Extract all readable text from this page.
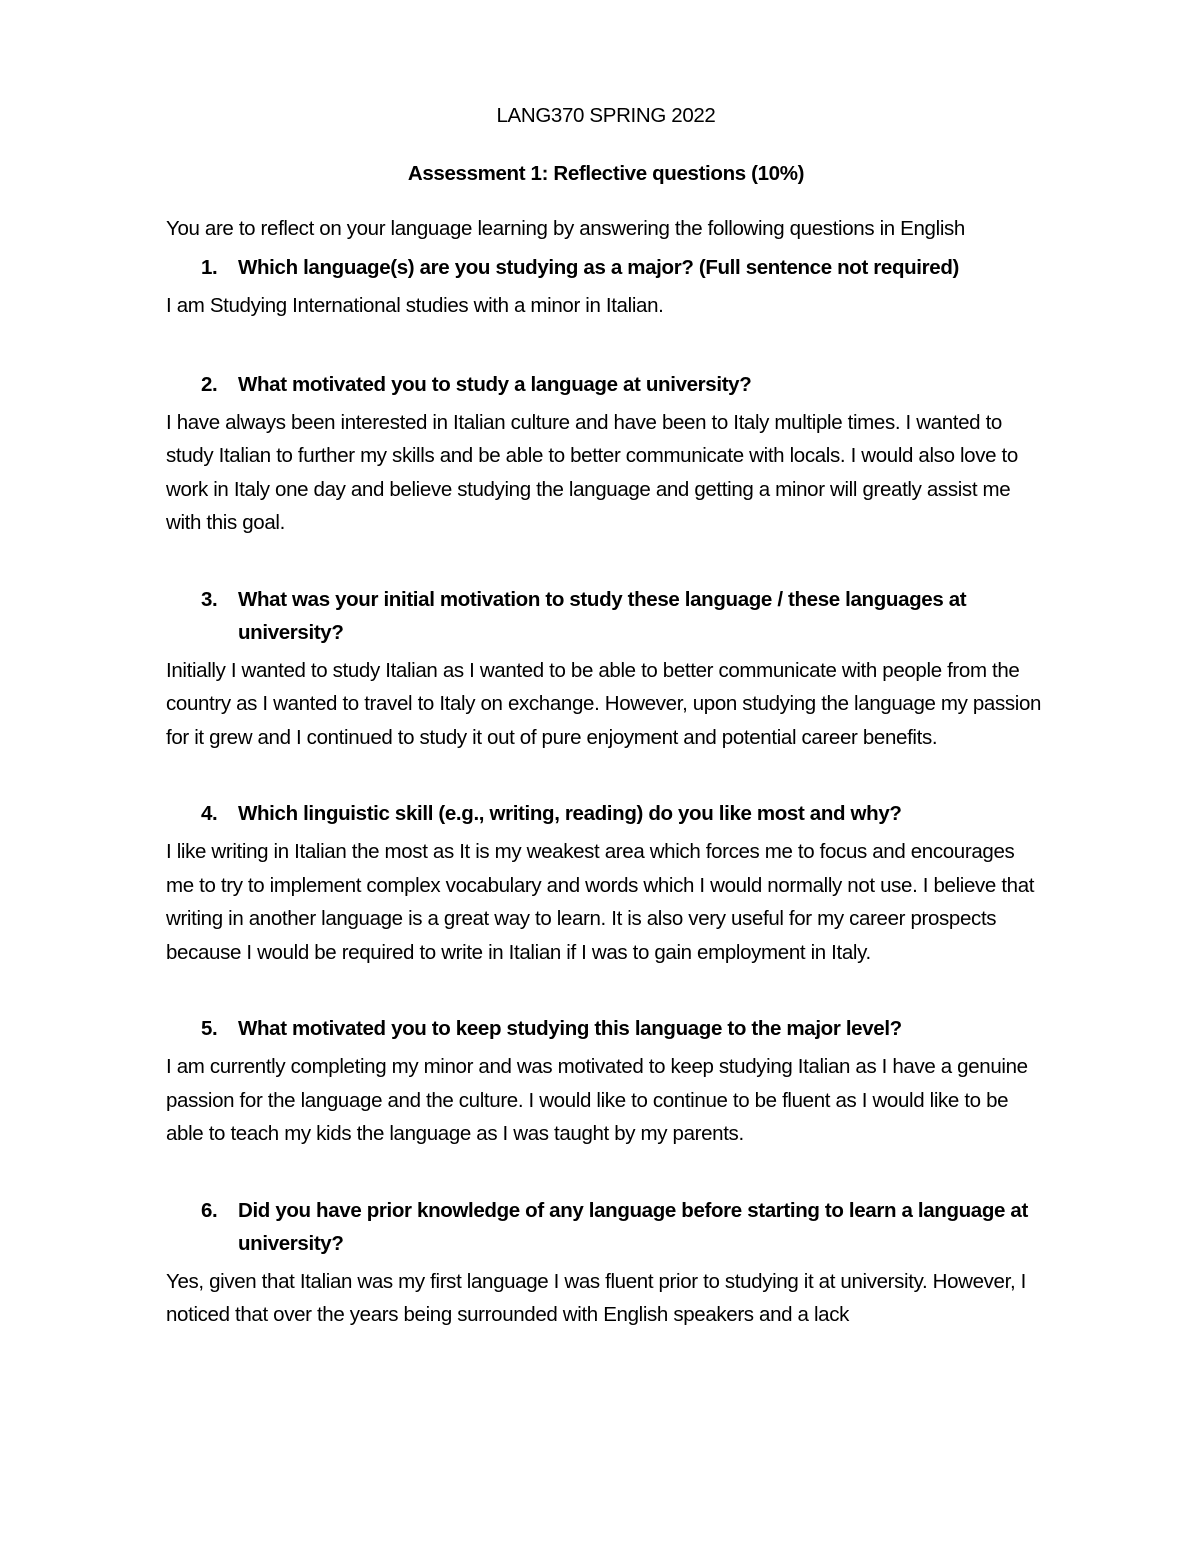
LANG370 SPRING 2022

Assessment 1: Reflective questions (10%)

You are to reflect on your language learning by answering the following questions in English

1.	Which language(s) are you studying as a major? (Full sentence not required)

I am Studying International studies with a minor in Italian.

2.	What motivated you to study a language at university?

I have always been interested in Italian culture and have been to Italy multiple times. I wanted to study Italian to further my skills and be able to better communicate with locals. I would also love to work in Italy one day and believe studying the language and getting a minor will greatly assist me with this goal.

3.	What was your initial motivation to study these language / these languages at university?

Initially I wanted to study Italian as I wanted to be able to better communicate with people from the country as I wanted to travel to Italy on exchange. However, upon studying the language my passion for it grew and I continued to study it out of pure enjoyment and potential career benefits.

4.	Which linguistic skill (e.g., writing, reading) do you like most and why?

I like writing in Italian the most as It is my weakest area which forces me to focus and encourages me to try to implement complex vocabulary and words which I would normally not use. I believe that writing in another language is a great way to learn. It is also very useful for my career prospects because I would be required to write in Italian if I was to gain employment in Italy.

5.	What motivated you to keep studying this language to the major level?

I am currently completing my minor and was motivated to keep studying Italian as I have a genuine passion for the language and the culture. I would like to continue to be fluent as I would like to be able to teach my kids the language as I was taught by my parents.

6.	Did you have prior knowledge of any language before starting to learn a language at university?

Yes, given that Italian was my first language I was fluent prior to studying it at university. However, I noticed that over the years being surrounded with English speakers and a lack
